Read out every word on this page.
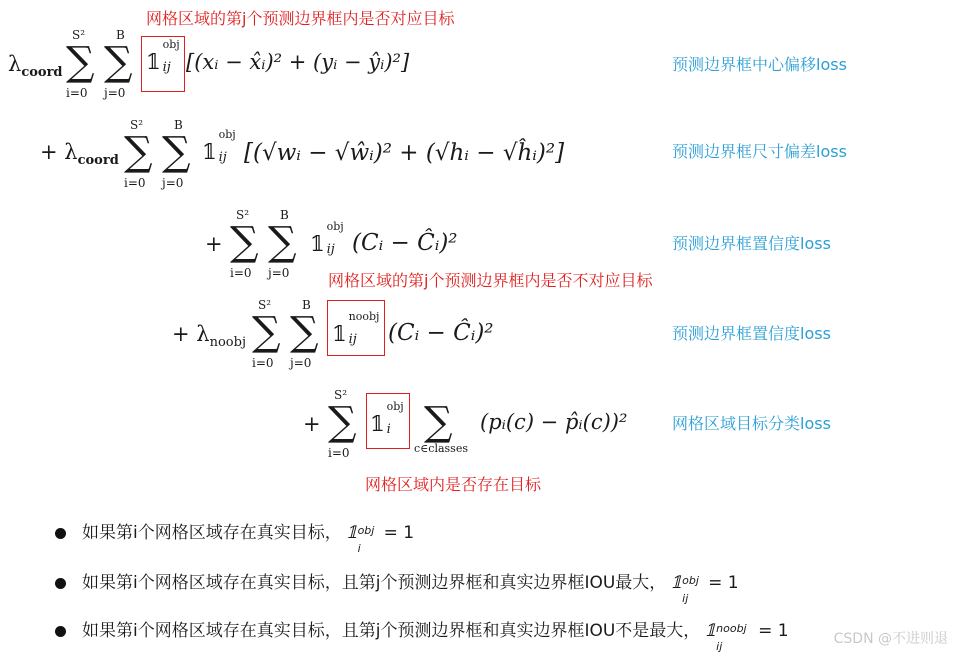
网格区域的第j个预测边界框内是否对应目标
网格区域的第j个预测边界框内是否不对应目标
网格区域内是否存在目标
预测边界框中心偏移loss
预测边界框尺寸偏差loss
预测边界框置信度loss
预测边界框置信度loss
网格区域目标分类loss
$\lambda_{coord}$
S²
∑
i=0
B
∑
j=0
𝟙
obj
ij [(xᵢ − x̂ᵢ)² + (yᵢ − ŷᵢ)²]
+ $\lambda_{coord}$
S²
∑
i=0
B
∑
j=0
𝟙
obj
ij [(√wᵢ − √ŵᵢ)² + (√hᵢ − √ĥᵢ)²]
+
S²
∑
i=0
B
∑
j=0
𝟙
obj
ij (Cᵢ − Ĉᵢ)²
+ $\lambda_{noobj}$
S²
∑
i=0
B
∑
j=0
𝟙
noobj
ij (Cᵢ − Ĉᵢ)²
+
S²
∑
i=0
𝟙
obj
i ∑
c∈classes
(pᵢ(c) − p̂ᵢ(c))²
如果第i个网格区域存在真实目标， 𝟙 obj
i
= 1
如果第i个网格区域存在真实目标，且第j个预测边界框和真实边界框IOU最大， 𝟙 obj
ij
= 1
如果第i个网格区域存在真实目标，且第j个预测边界框和真实边界框IOU不是最大， 𝟙 noobj
ij
= 1	CSDN @不进则退
